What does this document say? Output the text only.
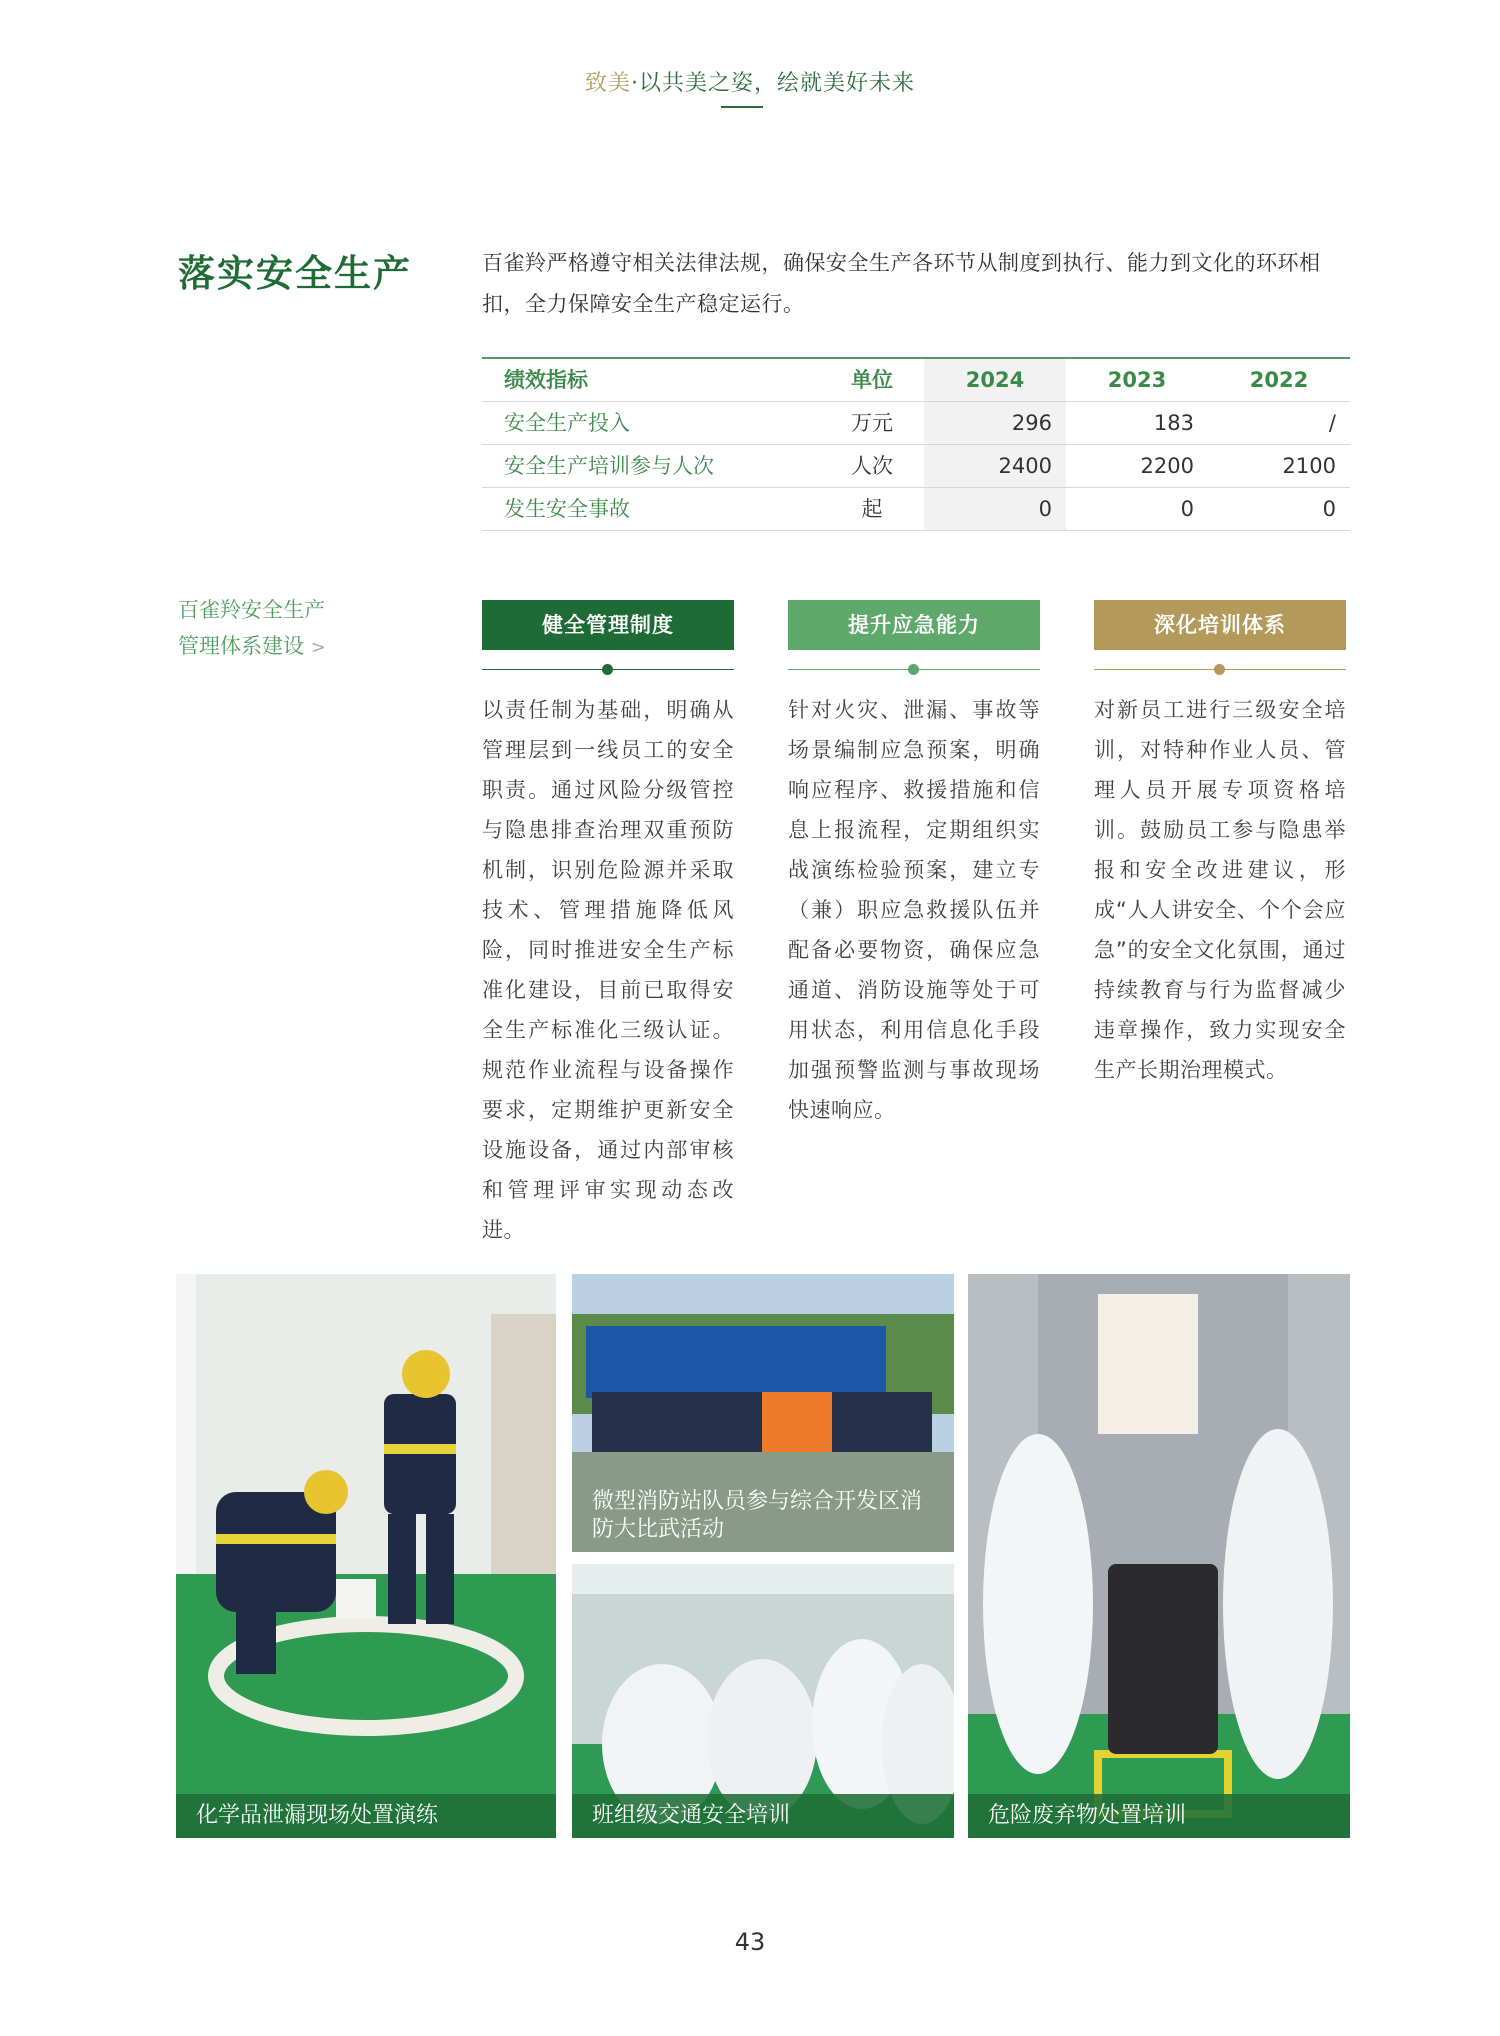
致美·以共美之姿，绘就美好未来
落实安全生产	百雀羚严格遵守相关法律法规，确保安全生产各环节从制度到执行、能力到文化的环环相扣，全力保障安全生产稳定运行。
绩效指标	单位	2024	2023	2022
安全生产投入	万元	296	183	/
安全生产培训参与人次	人次	2400	2200	2100
发生安全事故	起	0	0	0
百雀羚安全生产
管理体系建设 >
健全管理制度
以责任制为基础，明确从管理层到一线员工的安全职责。通过风险分级管控与隐患排查治理双重预防机制，识别危险源并采取技术、管理措施降低风险，同时推进安全生产标准化建设，目前已取得安全生产标准化三级认证。规范作业流程与设备操作要求，定期维护更新安全设施设备，通过内部审核和管理评审实现动态改进。
提升应急能力
针对火灾、泄漏、事故等场景编制应急预案，明确响应程序、救援措施和信息上报流程，定期组织实战演练检验预案，建立专（兼）职应急救援队伍并配备必要物资，确保应急通道、消防设施等处于可用状态，利用信息化手段加强预警监测与事故现场快速响应。
深化培训体系
对新员工进行三级安全培训，对特种作业人员、管理人员开展专项资格培训。鼓励员工参与隐患举报和安全改进建议，形成“人人讲安全、个个会应急”的安全文化氛围，通过持续教育与行为监督减少违章操作，致力实现安全生产长期治理模式。
化学品泄漏现场处置演练
微型消防站队员参与综合开发区消防大比武活动
班组级交通安全培训	危险废弃物处置培训
43
